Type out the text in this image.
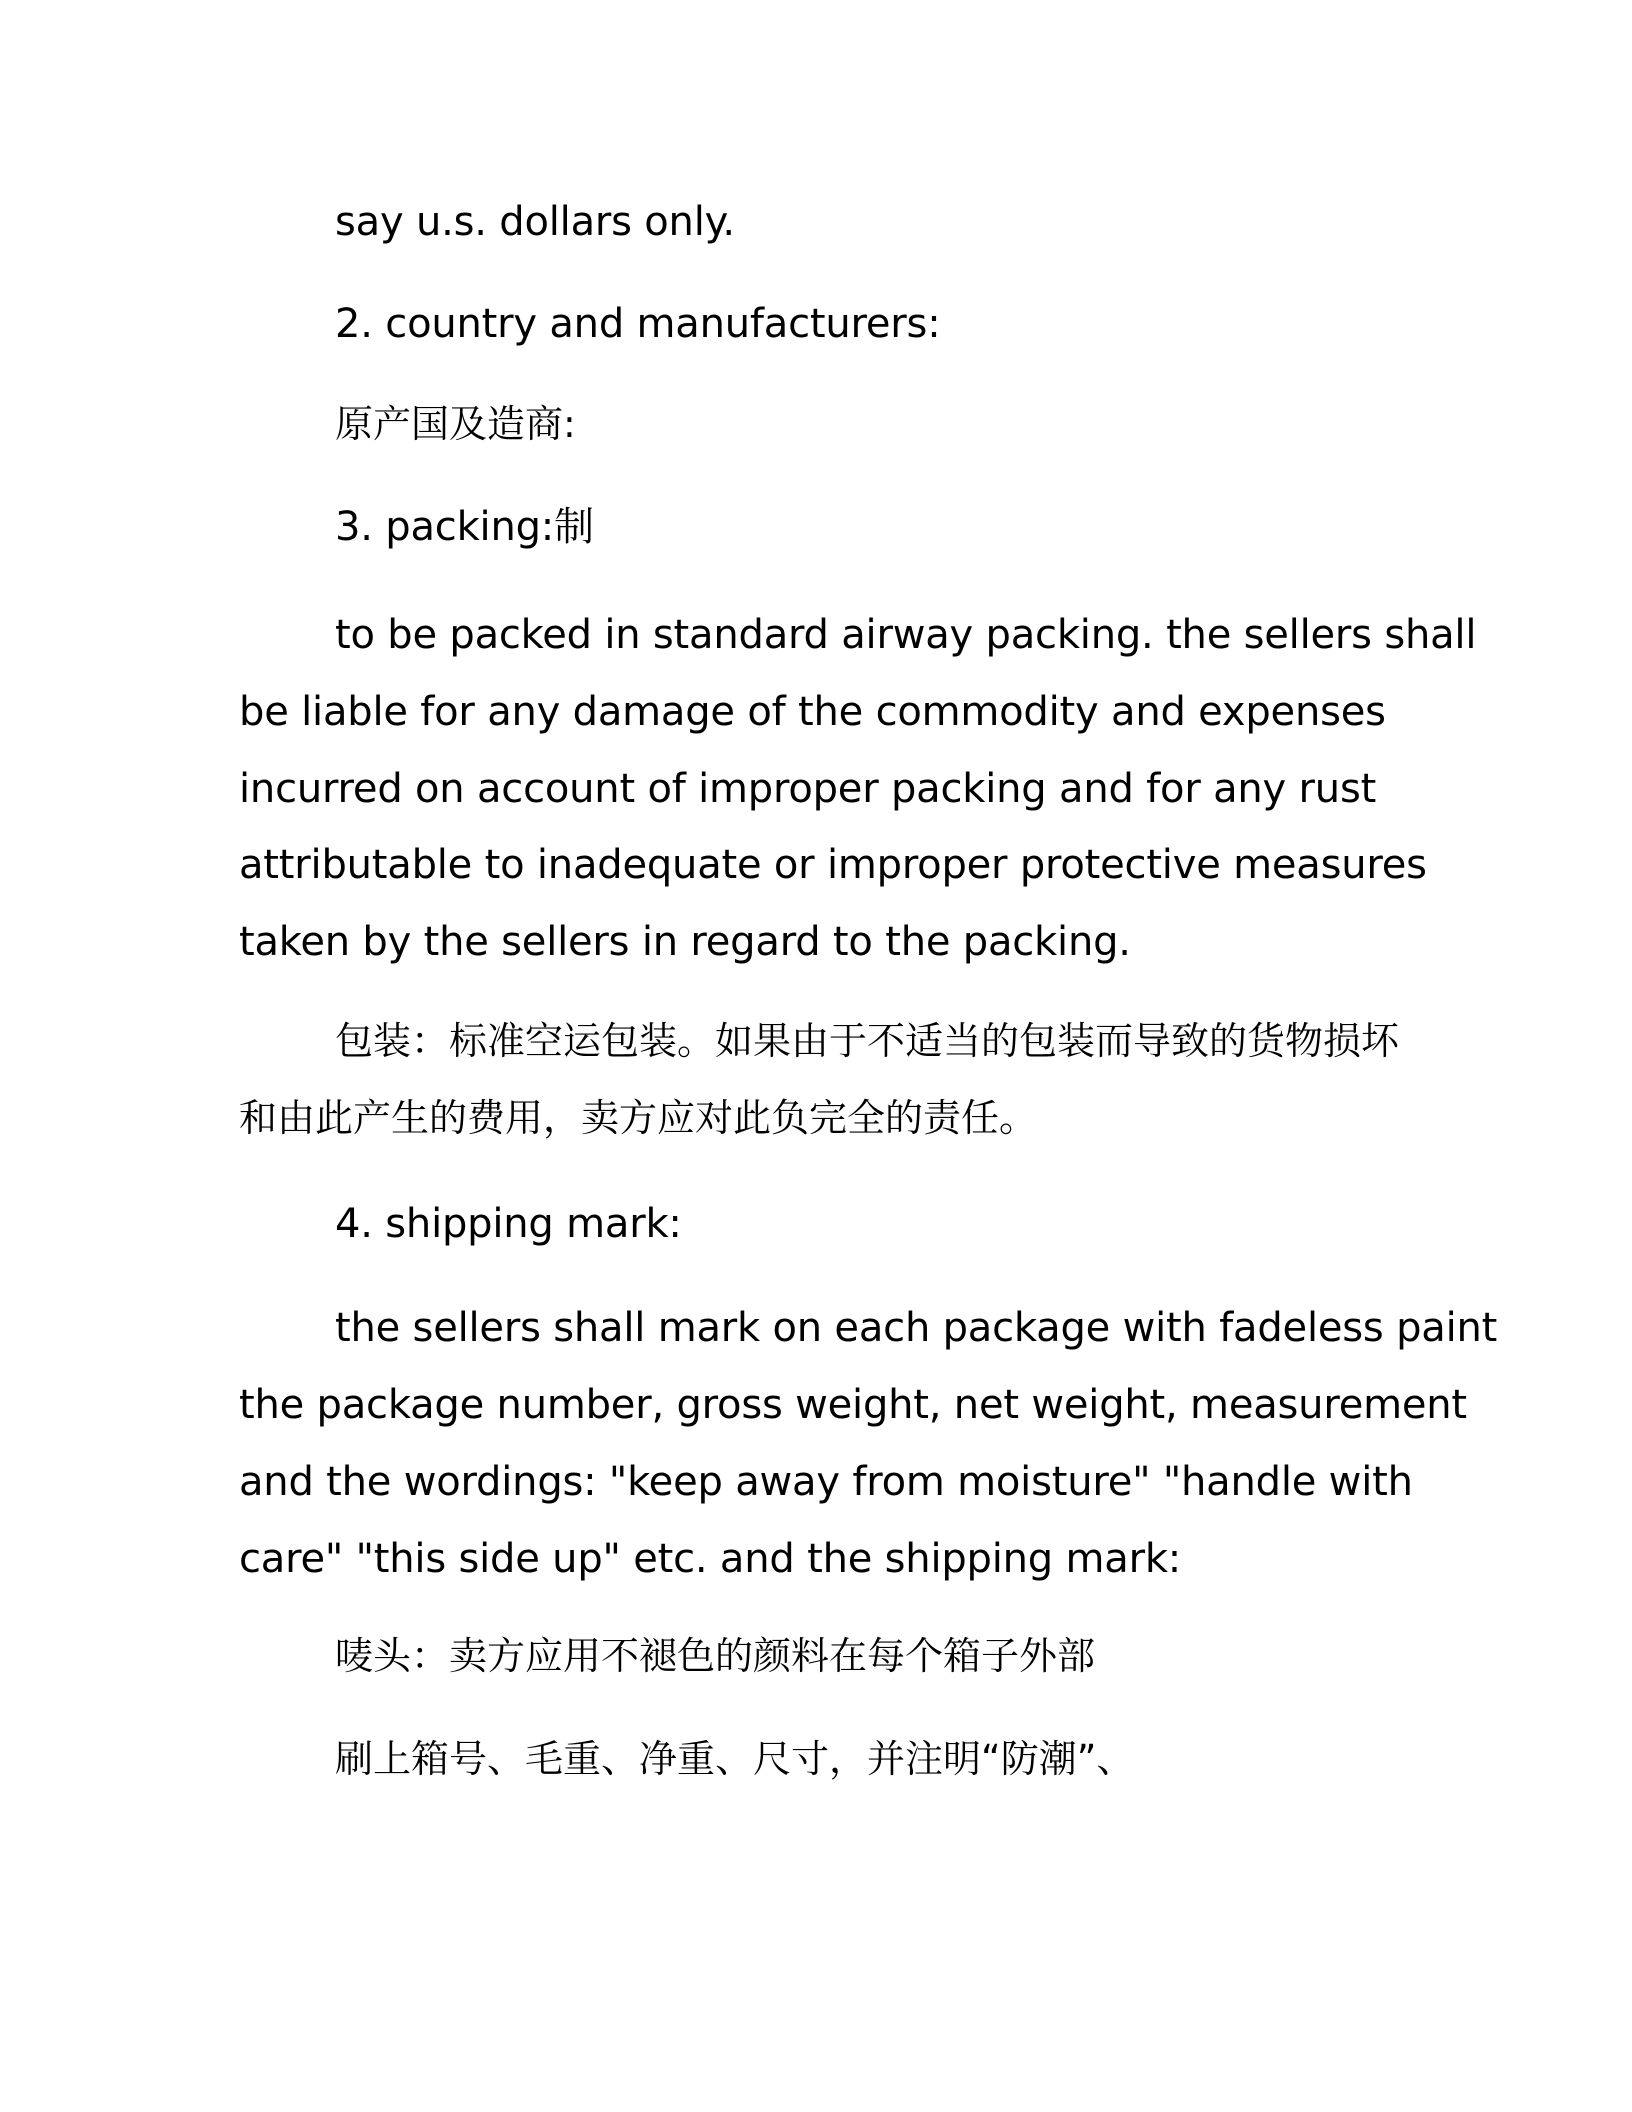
say u.s. dollars only.
2. country and manufacturers:
原产国及造商:
3. packing:制
to be packed in standard airway packing. the sellers shall
be liable for any damage of the commodity and expenses
incurred on account of improper packing and for any rust
attributable to inadequate or improper protective measures
taken by the sellers in regard to the packing.
包装：标准空运包装。如果由于不适当的包装而导致的货物损坏
和由此产生的费用，卖方应对此负完全的责任。
4. shipping mark:
the sellers shall mark on each package with fadeless paint
the package number, gross weight, net weight, measurement
and the wordings: "keep away from moisture" "handle with
care" "this side up" etc. and the shipping mark:
唛头：卖方应用不褪色的颜料在每个箱子外部
刷上箱号、毛重、净重、尺寸，并注明“防潮”、
